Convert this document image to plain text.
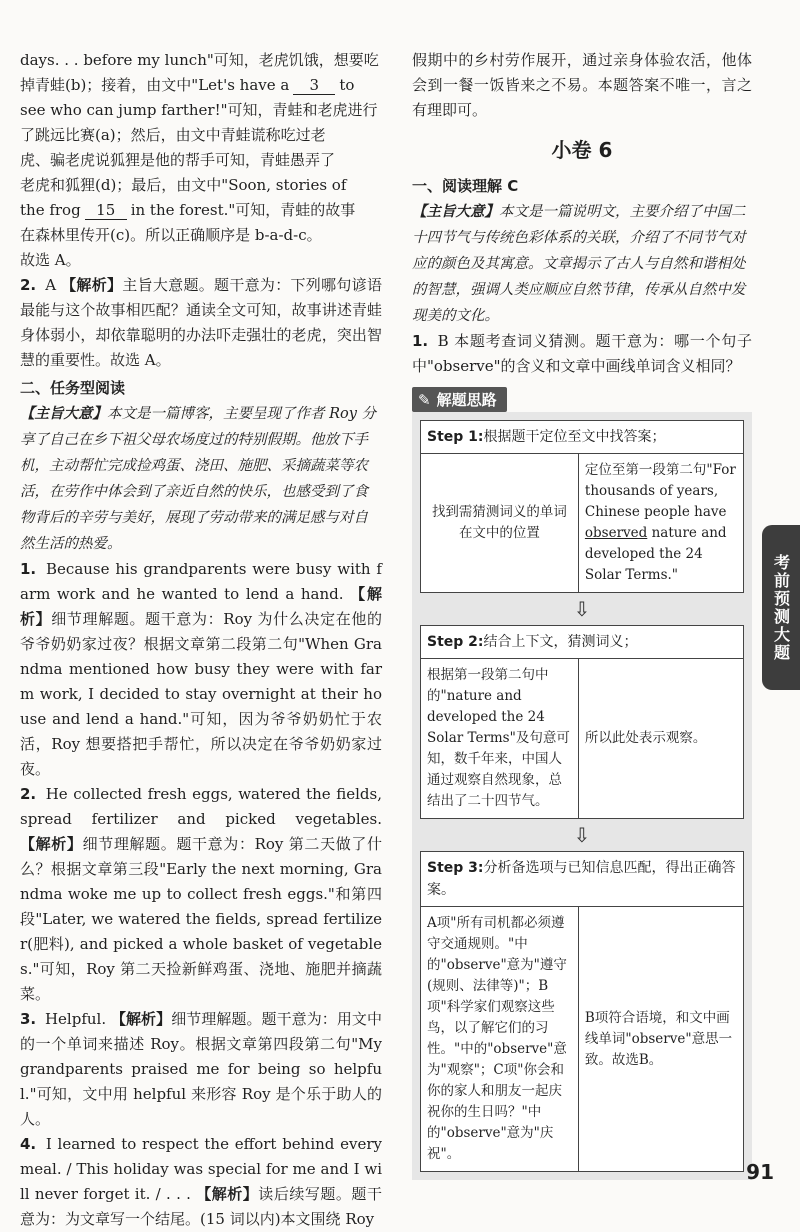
days. . . before my lunch"可知，老虎饥饿，想要吃
掉青蛙(b)；接着，由文中"Let's have a 3 to
see who can jump farther!"可知，青蛙和老虎进行
了跳远比赛(a)；然后，由文中青蛙谎称吃过老
虎、骗老虎说狐狸是他的帮手可知，青蛙愚弄了
老虎和狐狸(d)；最后，由文中"Soon, stories of
the frog 15 in the forest."可知，青蛙的故事
在森林里传开(c)。所以正确顺序是 b-a-d-c。
故选 A。

2. A 【解析】主旨大意题。题干意为：下列哪句谚语最能与这个故事相匹配？通读全文可知，故事讲述青蛙身体弱小，却依靠聪明的办法吓走强壮的老虎，突出智慧的重要性。故选 A。

二、任务型阅读

【主旨大意】本文是一篇博客，主要呈现了作者 Roy 分享了自己在乡下祖父母农场度过的特别假期。他放下手机，主动帮忙完成捡鸡蛋、浇田、施肥、采摘蔬菜等农活，在劳作中体会到了亲近自然的快乐，也感受到了食物背后的辛劳与美好，展现了劳动带来的满足感与对自然生活的热爱。

1. Because his grandparents were busy with farm work and he wanted to lend a hand. 【解析】细节理解题。题干意为：Roy 为什么决定在他的爷爷奶奶家过夜？根据文章第二段第二句"When Grandma mentioned how busy they were with farm work, I decided to stay overnight at their house and lend a hand."可知，因为爷爷奶奶忙于农活，Roy 想要搭把手帮忙，所以决定在爷爷奶奶家过夜。

2. He collected fresh eggs, watered the fields, spread fertilizer and picked vegetables. 【解析】细节理解题。题干意为：Roy 第二天做了什么？根据文章第三段"Early the next morning, Grandma woke me up to collect fresh eggs."和第四段"Later, we watered the fields, spread fertilizer(肥料), and picked a whole basket of vegetables."可知，Roy 第二天捡新鲜鸡蛋、浇地、施肥并摘蔬菜。

3. Helpful. 【解析】细节理解题。题干意为：用文中的一个单词来描述 Roy。根据文章第四段第二句"My grandparents praised me for being so helpful."可知，文中用 helpful 来形容 Roy 是个乐于助人的人。

4. I learned to respect the effort behind every meal. / This holiday was special for me and I will never forget it. / . . . 【解析】读后续写题。题干意为：为文章写一个结尾。(15 词以内)本文围绕 Roy

假期中的乡村劳作展开，通过亲身体验农活，他体会到一餐一饭皆来之不易。本题答案不唯一，言之有理即可。

小卷 6
一、阅读理解 C

【主旨大意】本文是一篇说明文，主要介绍了中国二十四节气与传统色彩体系的关联，介绍了不同节气对应的颜色及其寓意。文章揭示了古人与自然和谐相处的智慧，强调人类应顺应自然节律，传承从自然中发现美的文化。

1. B 本题考查词义猜测。题干意为：哪一个句子中"observe"的含义和文章中画线单词含义相同？

✎ 解题思路
Step 1:根据题干定位至文中找答案；
找到需猜测词义的单词在文中的位置
定位至第一段第二句"For thousands of years, Chinese people have observed nature and developed the 24 Solar Terms."
⇩
Step 2:结合上下文，猜测词义；
根据第一段第二句中的"nature and developed the 24 Solar Terms"及句意可知，数千年来，中国人通过观察自然现象，总结出了二十四节气。
所以此处表示观察。
⇩
Step 3:分析备选项与已知信息匹配，得出正确答案。
A项"所有司机都必须遵守交通规则。"中的"observe"意为"遵守(规则、法律等)"；B项"科学家们观察这些鸟，以了解它们的习性。"中的"observe"意为"观察"；C项"你会和你的家人和朋友一起庆祝你的生日吗？"中的"observe"意为"庆祝"。
B项符合语境，和文中画线单词"observe"意思一致。故选B。
考前预测大题
91
